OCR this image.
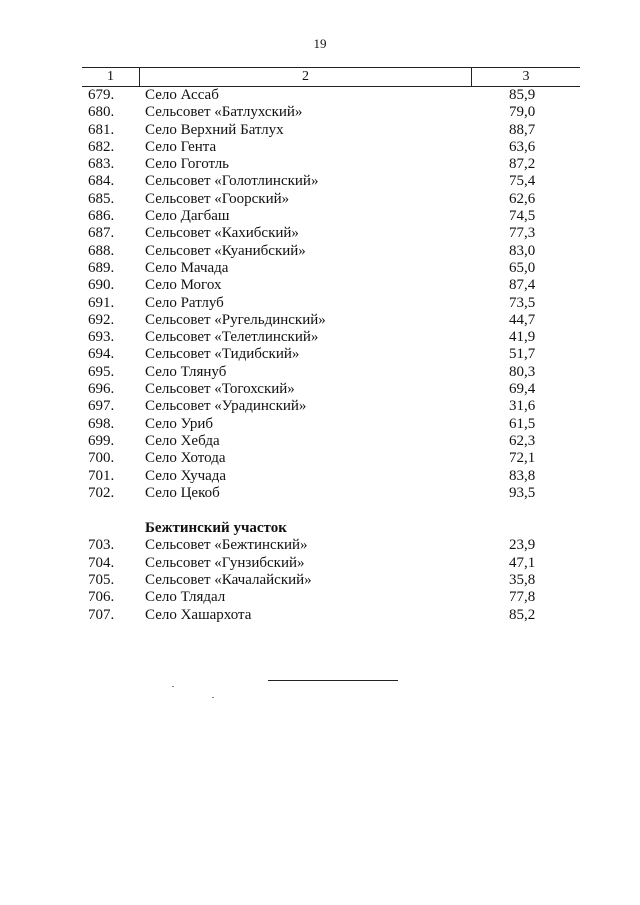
19
1	2	3
679.	Село Ассаб	85,9
680.	Сельсовет «Батлухский»	79,0
681.	Село Верхний Батлух	88,7
682.	Село Гента	63,6
683.	Село Гоготль	87,2
684.	Сельсовет «Голотлинский»	75,4
685.	Сельсовет «Гоорский»	62,6
686.	Село Дагбаш	74,5
687.	Сельсовет «Кахибский»	77,3
688.	Сельсовет «Куанибский»	83,0
689.	Село Мачада	65,0
690.	Село Могох	87,4
691.	Село Ратлуб	73,5
692.	Сельсовет «Ругельдинский»	44,7
693.	Сельсовет «Телетлинский»	41,9
694.	Сельсовет «Тидибский»	51,7
695.	Село Тлянуб	80,3
696.	Сельсовет «Тогохский»	69,4
697.	Сельсовет «Урадинский»	31,6
698.	Село Уриб	61,5
699.	Село Хебда	62,3
700.	Село Хотода	72,1
701.	Село Хучада	83,8
702.	Село Цекоб	93,5
Бежтинский участок
703.	Сельсовет «Бежтинский»	23,9
704.	Сельсовет «Гунзибский»	47,1
705.	Сельсовет «Качалайский»	35,8
706.	Село Тлядал	77,8
707.	Село Хашархота	85,2
